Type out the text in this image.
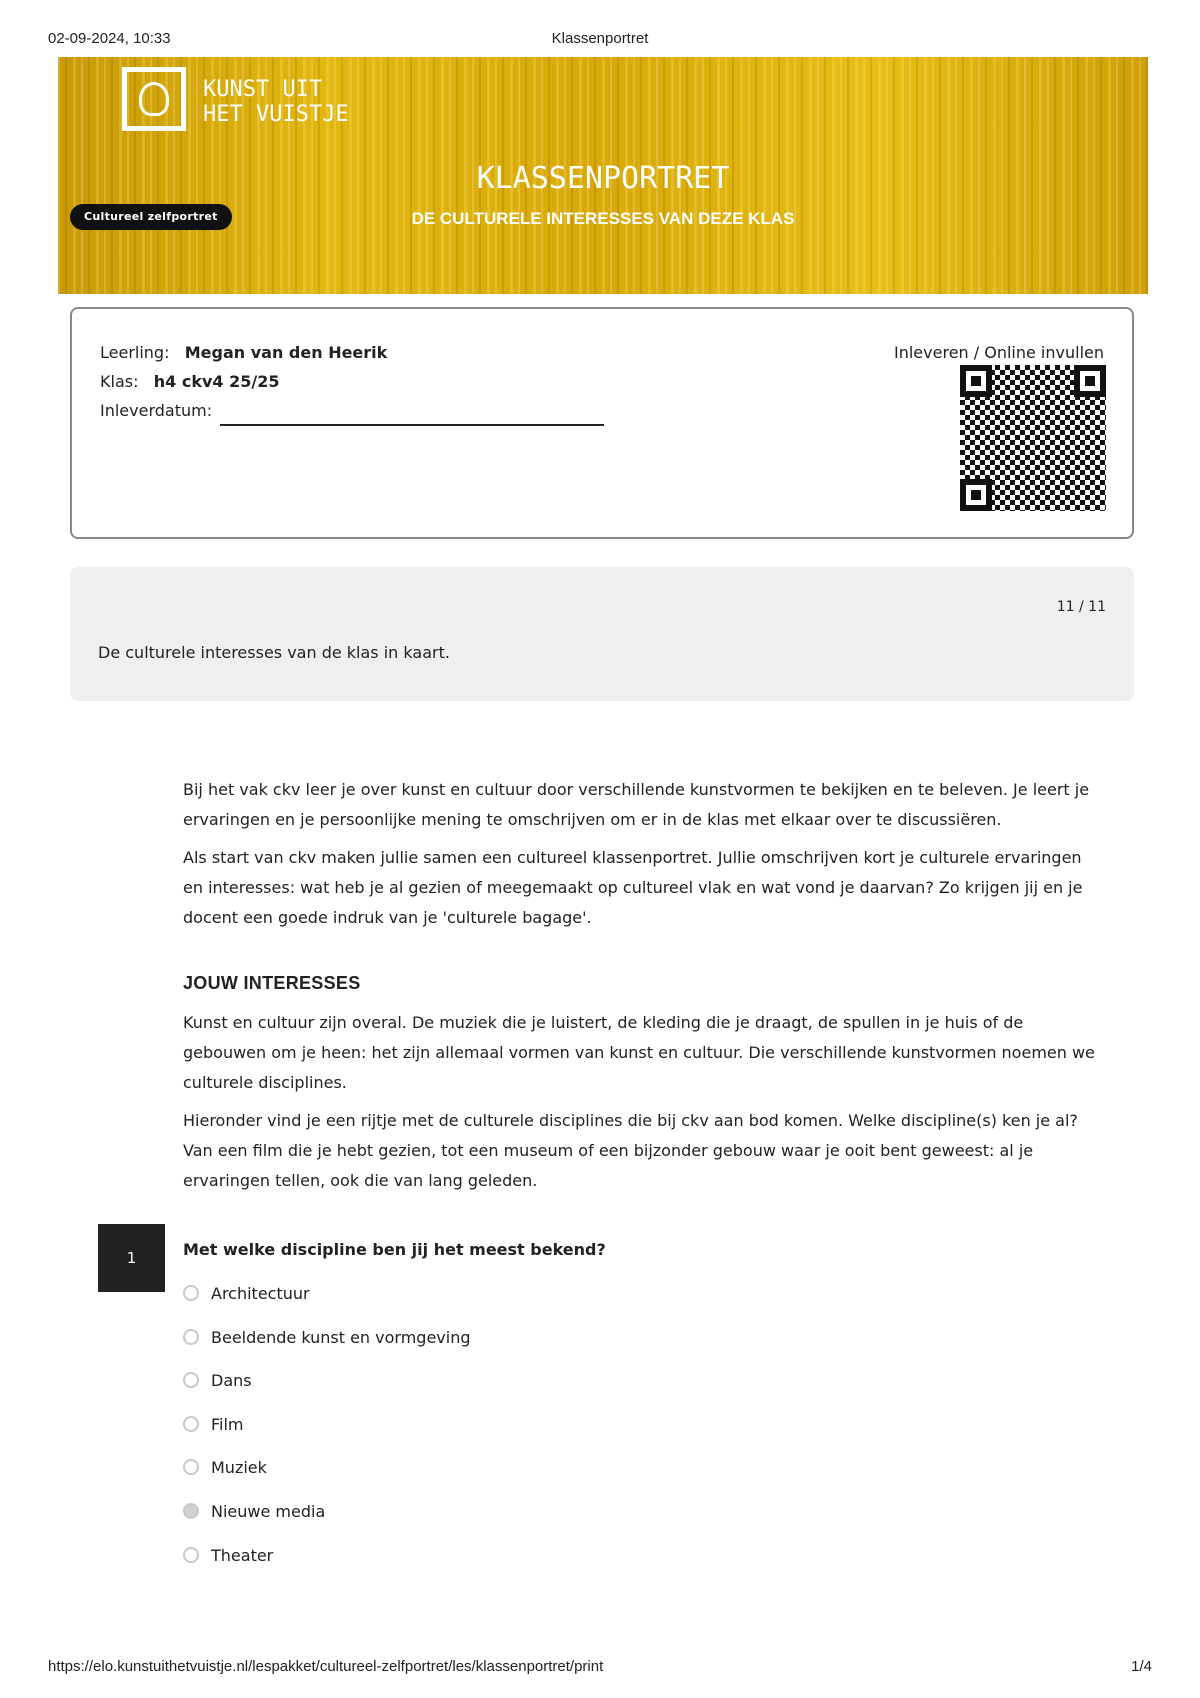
02-09-2024, 10:33	Klassenportret
KUNST UIT
HET VUISTJE
KLASSENPORTRET
DE CULTURELE INTERESSES VAN DEZE KLAS
Cultureel zelfportret
Leerling: Megan van den Heerik
Klas: h4 ckv4 25/25
Inleverdatum:
Inleveren / Online invullen
11 / 11
De culturele interesses van de klas in kaart.

Bij het vak ckv leer je over kunst en cultuur door verschillende kunstvormen te bekijken en te beleven. Je leert je ervaringen en je persoonlijke mening te omschrijven om er in de klas met elkaar over te discussiëren.

Als start van ckv maken jullie samen een cultureel klassenportret. Jullie omschrijven kort je culturele ervaringen en interesses: wat heb je al gezien of meegemaakt op cultureel vlak en wat vond je daarvan? Zo krijgen jij en je docent een goede indruk van je 'culturele bagage'.

JOUW INTERESSES

Kunst en cultuur zijn overal. De muziek die je luistert, de kleding die je draagt, de spullen in je huis of de gebouwen om je heen: het zijn allemaal vormen van kunst en cultuur. Die verschillende kunstvormen noemen we culturele disciplines.

Hieronder vind je een rijtje met de culturele disciplines die bij ckv aan bod komen. Welke discipline(s) ken je al? Van een film die je hebt gezien, tot een museum of een bijzonder gebouw waar je ooit bent geweest: al je ervaringen tellen, ook die van lang geleden.

1	Met welke discipline ben jij het meest bekend?
Architectuur
Beeldende kunst en vormgeving
Dans
Film
Muziek
Nieuwe media
Theater
https://elo.kunstuithetvuistje.nl/lespakket/cultureel-zelfportret/les/klassenportret/print	1/4
